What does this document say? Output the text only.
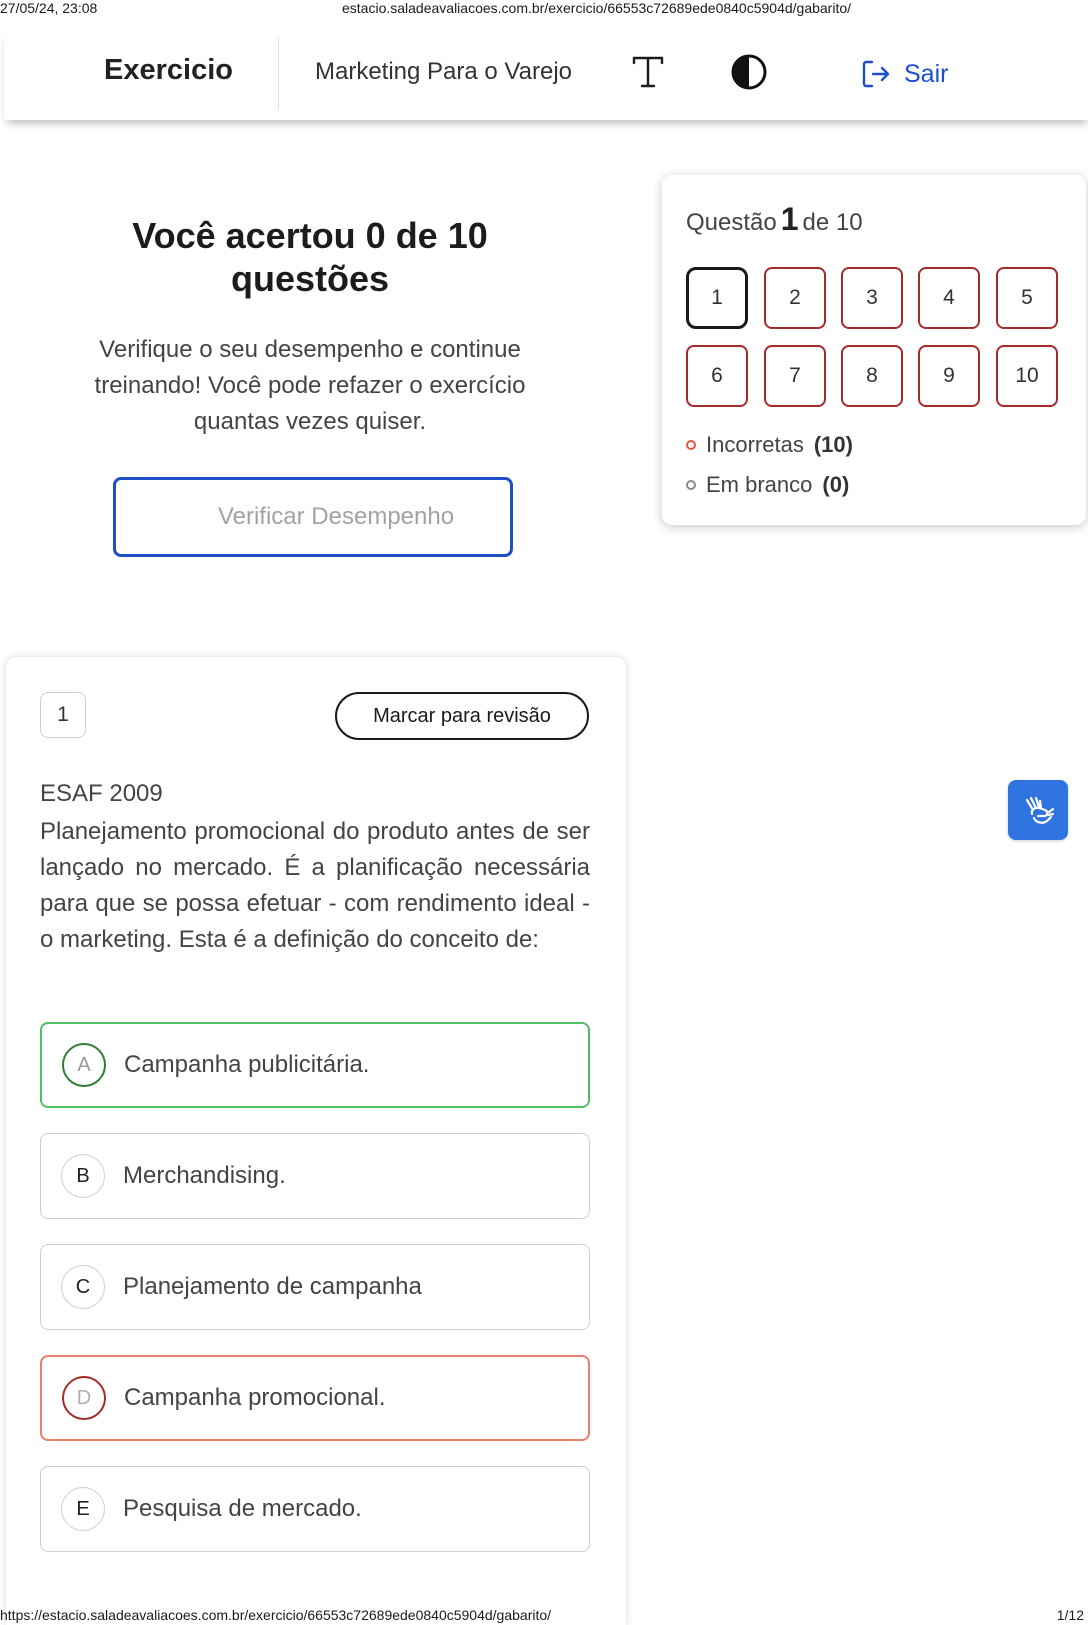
27/05/24, 23:08	estacio.saladeavaliacoes.com.br/exercicio/66553c72689ede0840c5904d/gabarito/
Exercicio	Marketing Para o Varejo	Sair
Você acertou 0 de 10 questões
Verifique o seu desempenho e continue treinando! Você pode refazer o exercício quantas vezes quiser.
Verificar Desempenho
Questão 1 de 10
1	2	3	4	5
6	7	8	9	10
Incorretas (10)
Em branco (0)
1	Marcar para revisão
ESAF 2009
Planejamento promocional do produto antes de ser lançado no mercado. É a planificação necessária para que se possa efetuar - com rendimento ideal - o marketing. Esta é a definição do conceito de:
A	Campanha publicitária.
B	Merchandising.
C	Planejamento de campanha
D	Campanha promocional.
E	Pesquisa de mercado.
https://estacio.saladeavaliacoes.com.br/exercicio/66553c72689ede0840c5904d/gabarito/	1/12
